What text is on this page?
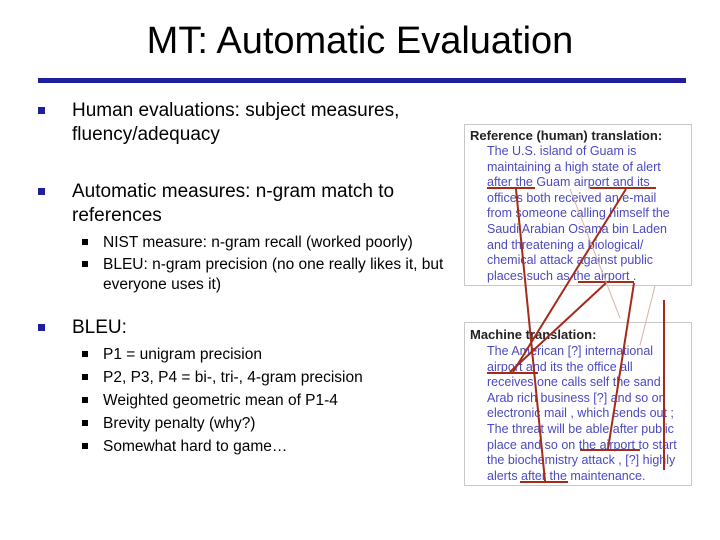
MT: Automatic Evaluation
Human evaluations: subject measures,
fluency/adequacy
Automatic measures: n-gram match to
references
NIST measure: n-gram recall (worked poorly)
BLEU: n-gram precision (no one really likes it, but
everyone uses it)
BLEU:
P1 = unigram precision
P2, P3, P4 = bi-, tri-, 4-gram precision
Weighted geometric mean of P1-4
Brevity penalty (why?)
Somewhat hard to game…
Reference (human) translation:
The U.S. island of Guam is
maintaining a high state of alert
after the Guam airport and its
offices both received an e-mail
from someone calling himself the
Saudi Arabian Osama bin Laden
and threatening a biological/
chemical attack against public
places such as the airport .
Machine translation:
The American [?] international
airport and its the office all
receives one calls self the sand
Arab rich business [?] and so on
electronic mail , which sends out ;
The threat will be able after public
place and so on the airport to start
the biochemistry attack , [?] highly
alerts after the maintenance.
